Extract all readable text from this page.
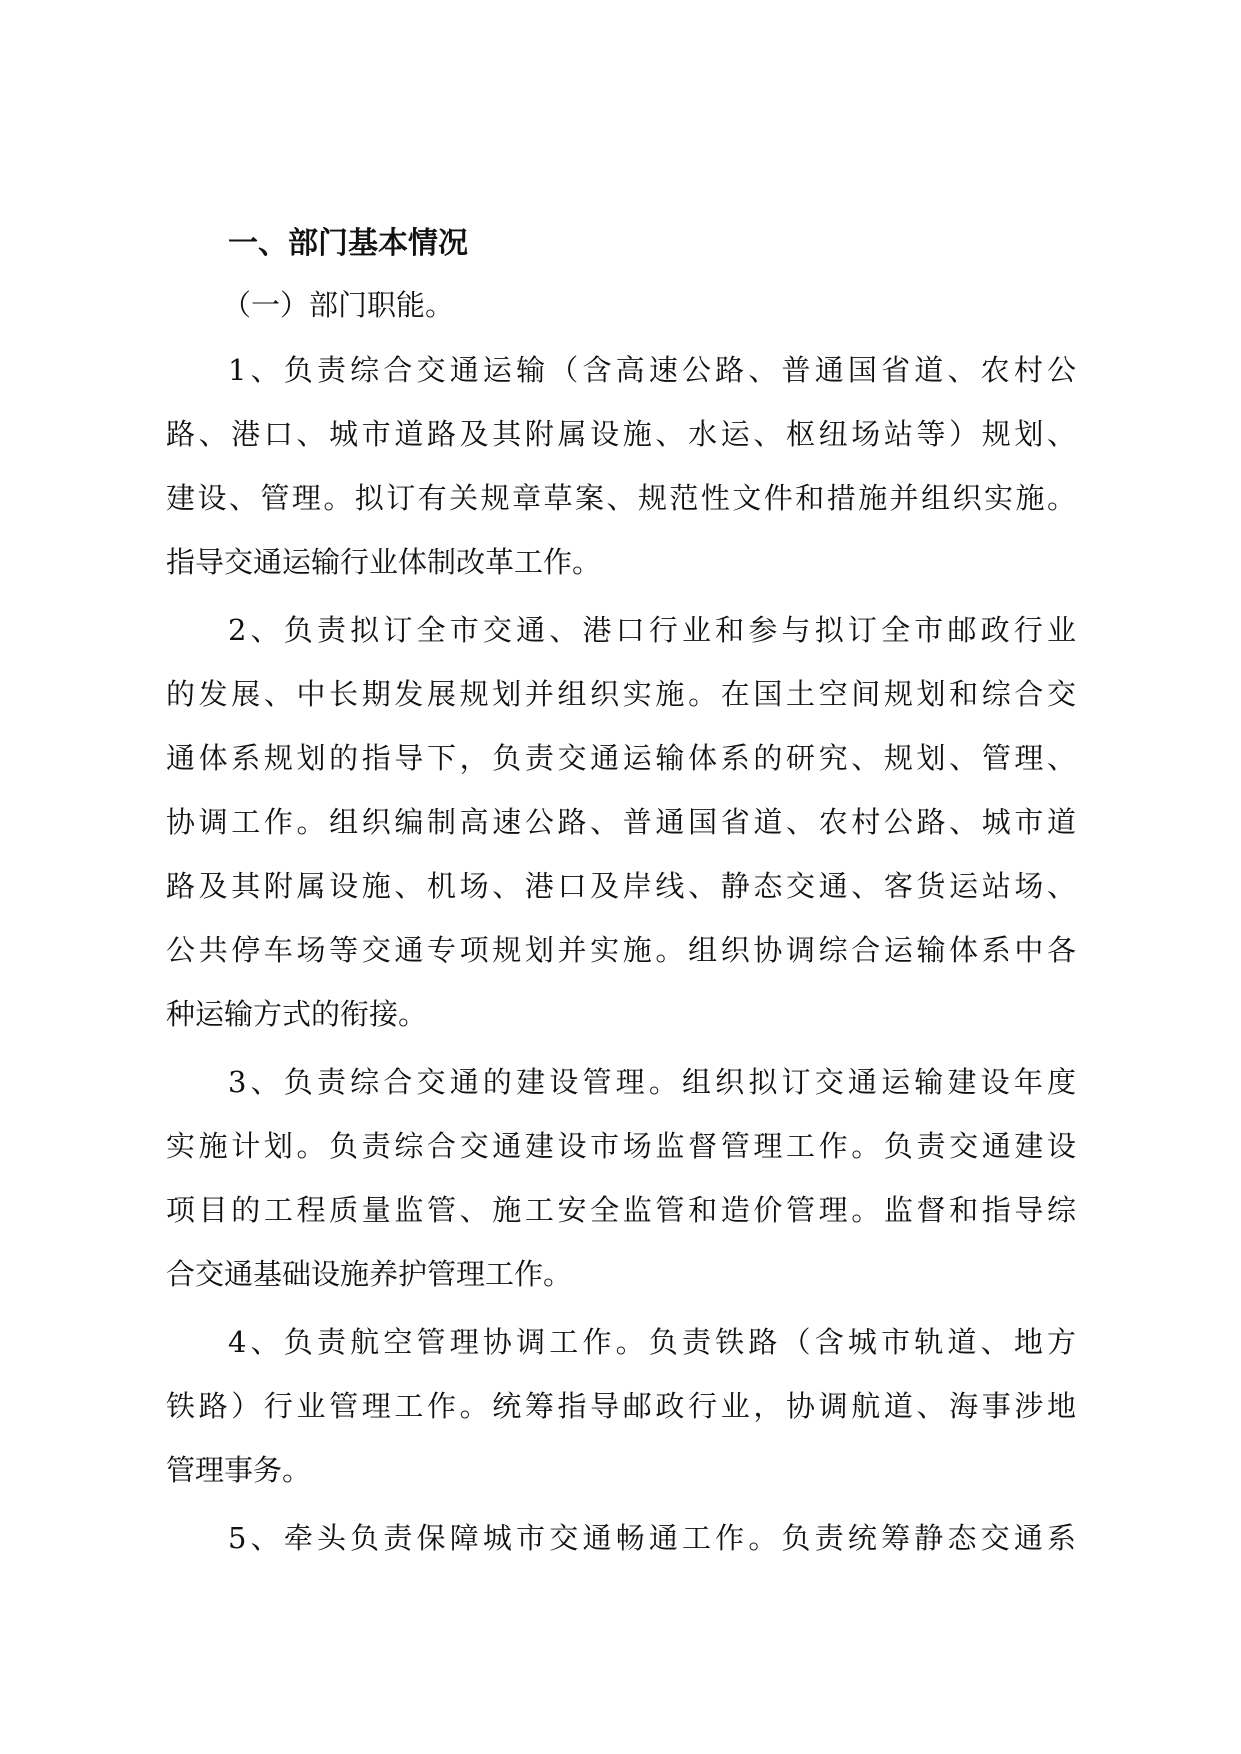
一、部门基本情况
（一）部门职能。
1、负责综合交通运输（含高速公路、普通国省道、农村公
路、港口、城市道路及其附属设施、水运、枢纽场站等）规划、
建设、管理。拟订有关规章草案、规范性文件和措施并组织实施。
指导交通运输行业体制改革工作。
2、负责拟订全市交通、港口行业和参与拟订全市邮政行业
的发展、中长期发展规划并组织实施。在国土空间规划和综合交
通体系规划的指导下，负责交通运输体系的研究、规划、管理、
协调工作。组织编制高速公路、普通国省道、农村公路、城市道
路及其附属设施、机场、港口及岸线、静态交通、客货运站场、
公共停车场等交通专项规划并实施。组织协调综合运输体系中各
种运输方式的衔接。
3、负责综合交通的建设管理。组织拟订交通运输建设年度
实施计划。负责综合交通建设市场监督管理工作。负责交通建设
项目的工程质量监管、施工安全监管和造价管理。监督和指导综
合交通基础设施养护管理工作。
4、负责航空管理协调工作。负责铁路（含城市轨道、地方
铁路）行业管理工作。统筹指导邮政行业，协调航道、海事涉地
管理事务。
5、牵头负责保障城市交通畅通工作。负责统筹静态交通系
